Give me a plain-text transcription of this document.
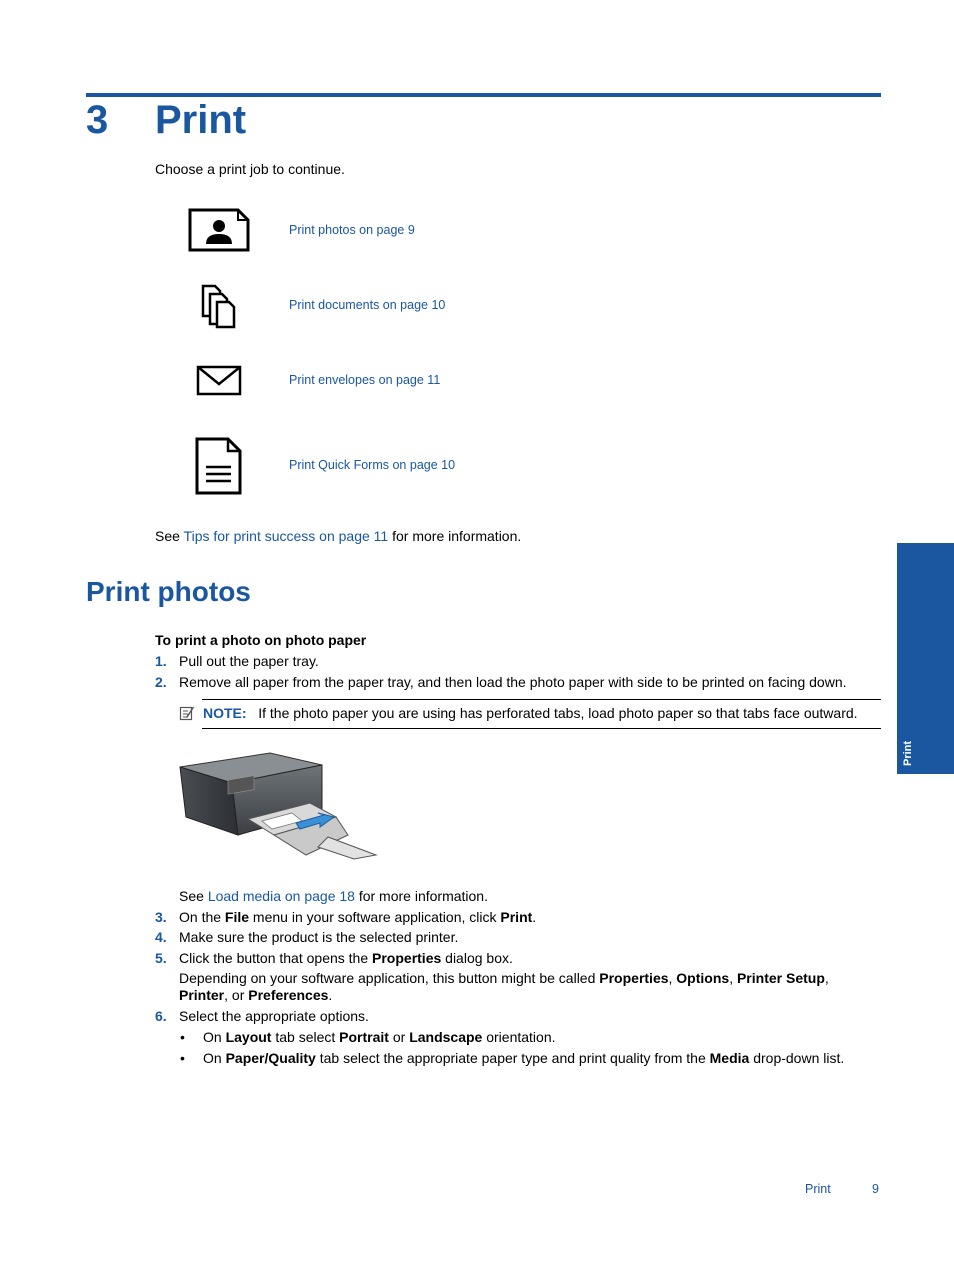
3 Print
Choose a print job to continue.
Print photos on page 9
Print documents on page 10
Print envelopes on page 11
Print Quick Forms on page 10
See Tips for print success on page 11 for more information.
Print photos
To print a photo on photo paper
1. Pull out the paper tray.
2. Remove all paper from the paper tray, and then load the photo paper with side to be printed on facing down.
NOTE: If the photo paper you are using has perforated tabs, load photo paper so that tabs face outward.
See Load media on page 18 for more information.
3. On the File menu in your software application, click Print.
4. Make sure the product is the selected printer.
5. Click the button that opens the Properties dialog box.
Depending on your software application, this button might be called Properties, Options, Printer Setup,
Printer, or Preferences.
6. Select the appropriate options.
• On Layout tab select Portrait or Landscape orientation.
• On Paper/Quality tab select the appropriate paper type and print quality from the Media drop-down list.
Print
Print	9
